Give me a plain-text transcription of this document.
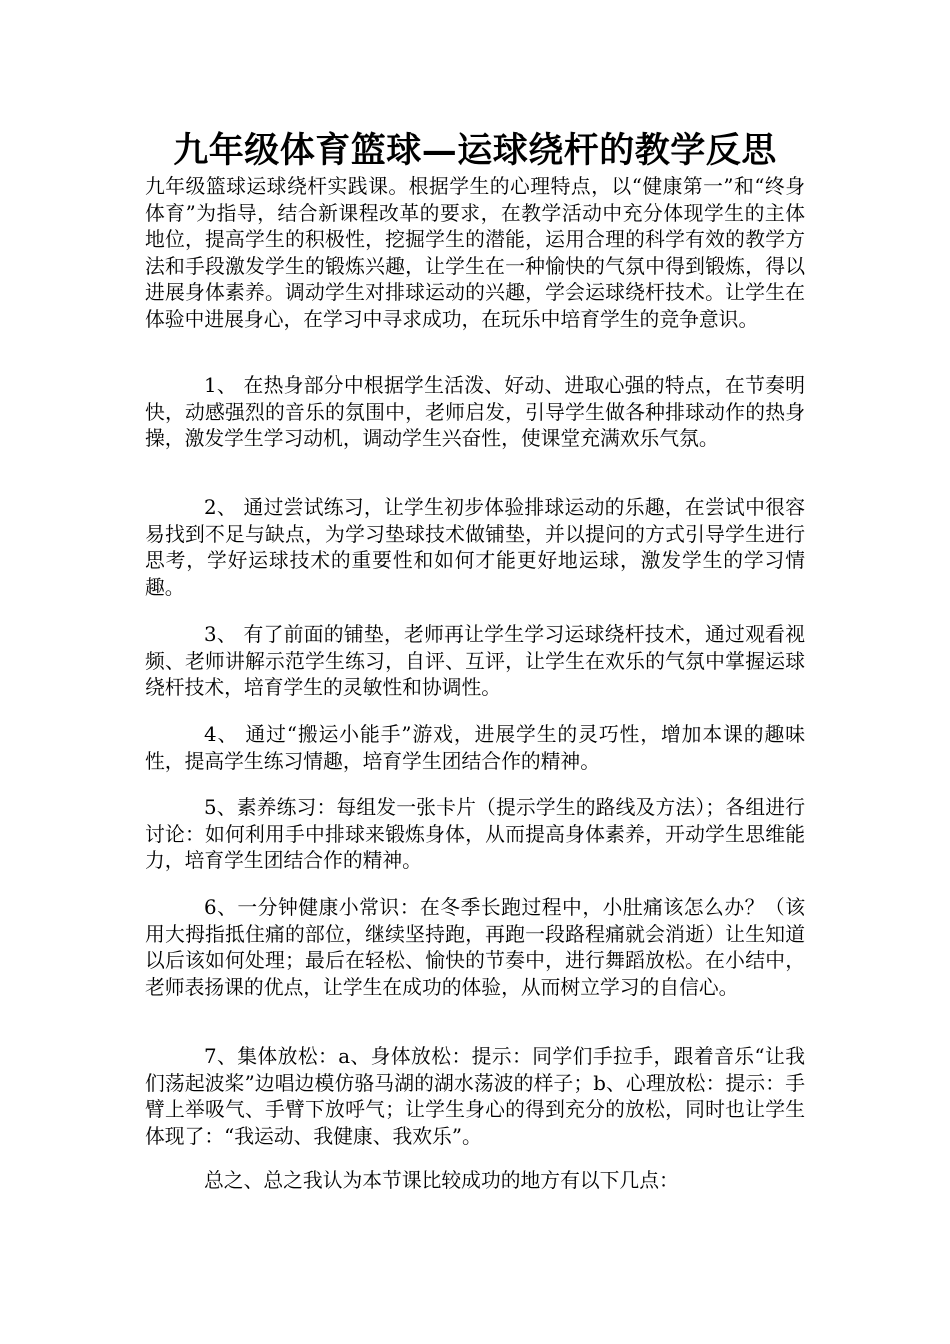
九年级体育篮球—运球绕杆的教学反思
九年级篮球运球绕杆实践课。根据学生的心理特点，以“健康第一”和“终身体育”为指导，结合新课程改革的要求，在教学活动中充分体现学生的主体地位，提高学生的积极性，挖掘学生的潜能，运用合理的科学有效的教学方法和手段激发学生的锻炼兴趣，让学生在一种愉快的气氛中得到锻炼，得以进展身体素养。调动学生对排球运动的兴趣，学会运球绕杆技术。让学生在体验中进展身心，在学习中寻求成功，在玩乐中培育学生的竞争意识。
1、 在热身部分中根据学生活泼、好动、进取心强的特点，在节奏明快，动感强烈的音乐的氛围中，老师启发，引导学生做各种排球动作的热身操，激发学生学习动机，调动学生兴奋性，使课堂充满欢乐气氛。
2、 通过尝试练习，让学生初步体验排球运动的乐趣，在尝试中很容易找到不足与缺点，为学习垫球技术做铺垫，并以提问的方式引导学生进行思考，学好运球技术的重要性和如何才能更好地运球，激发学生的学习情趣。
3、 有了前面的铺垫，老师再让学生学习运球绕杆技术，通过观看视频、老师讲解示范学生练习，自评、互评，让学生在欢乐的气氛中掌握运球绕杆技术，培育学生的灵敏性和协调性。
4、 通过“搬运小能手”游戏，进展学生的灵巧性，增加本课的趣味性，提高学生练习情趣，培育学生团结合作的精神。
5、素养练习：每组发一张卡片（提示学生的路线及方法）；各组进行讨论：如何利用手中排球来锻炼身体，从而提高身体素养，开动学生思维能力，培育学生团结合作的精神。
6、一分钟健康小常识：在冬季长跑过程中，小肚痛该怎么办？（该用大拇指抵住痛的部位，继续坚持跑，再跑一段路程痛就会消逝）让生知道以后该如何处理；最后在轻松、愉快的节奏中，进行舞蹈放松。在小结中，老师表扬课的优点，让学生在成功的体验，从而树立学习的自信心。
7、集体放松：a、身体放松：提示：同学们手拉手，跟着音乐“让我们荡起波桨”边唱边模仿骆马湖的湖水荡波的样子；b、心理放松：提示：手臂上举吸气、手臂下放呼气；让学生身心的得到充分的放松，同时也让学生体现了：“我运动、我健康、我欢乐”。
总之、总之我认为本节课比较成功的地方有以下几点：
